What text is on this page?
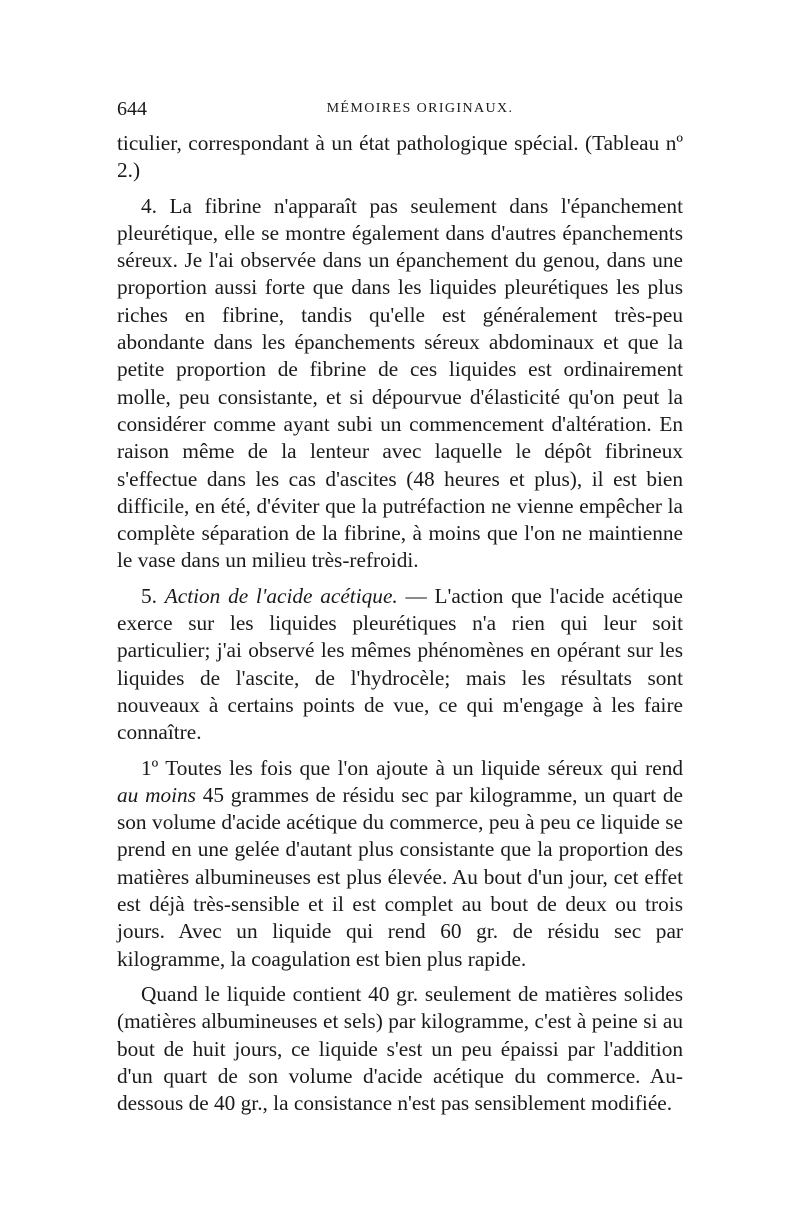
644	MÉMOIRES ORIGINAUX.

ticulier, correspondant à un état pathologique spécial. (Tableau nº 2.)

4. La fibrine n'apparaît pas seulement dans l'épanchement pleurétique, elle se montre également dans d'autres épanchements séreux. Je l'ai observée dans un épanchement du genou, dans une proportion aussi forte que dans les liquides pleurétiques les plus riches en fibrine, tandis qu'elle est généralement très-peu abondante dans les épanchements séreux abdominaux et que la petite proportion de fibrine de ces liquides est ordinairement molle, peu consistante, et si dépourvue d'élasticité qu'on peut la considérer comme ayant subi un commencement d'altération. En raison même de la lenteur avec laquelle le dépôt fibrineux s'effectue dans les cas d'ascites (48 heures et plus), il est bien difficile, en été, d'éviter que la putréfaction ne vienne empêcher la complète séparation de la fibrine, à moins que l'on ne maintienne le vase dans un milieu très-refroidi.

5. Action de l'acide acétique. — L'action que l'acide acétique exerce sur les liquides pleurétiques n'a rien qui leur soit particulier; j'ai observé les mêmes phénomènes en opérant sur les liquides de l'ascite, de l'hydrocèle; mais les résultats sont nouveaux à certains points de vue, ce qui m'engage à les faire connaître.

1º Toutes les fois que l'on ajoute à un liquide séreux qui rend au moins 45 grammes de résidu sec par kilogramme, un quart de son volume d'acide acétique du commerce, peu à peu ce liquide se prend en une gelée d'autant plus consistante que la proportion des matières albumineuses est plus élevée. Au bout d'un jour, cet effet est déjà très-sensible et il est complet au bout de deux ou trois jours. Avec un liquide qui rend 60 gr. de résidu sec par kilogramme, la coagulation est bien plus rapide.

Quand le liquide contient 40 gr. seulement de matières solides (matières albumineuses et sels) par kilogramme, c'est à peine si au bout de huit jours, ce liquide s'est un peu épaissi par l'addition d'un quart de son volume d'acide acétique du commerce. Au-dessous de 40 gr., la consistance n'est pas sensiblement modifiée.
